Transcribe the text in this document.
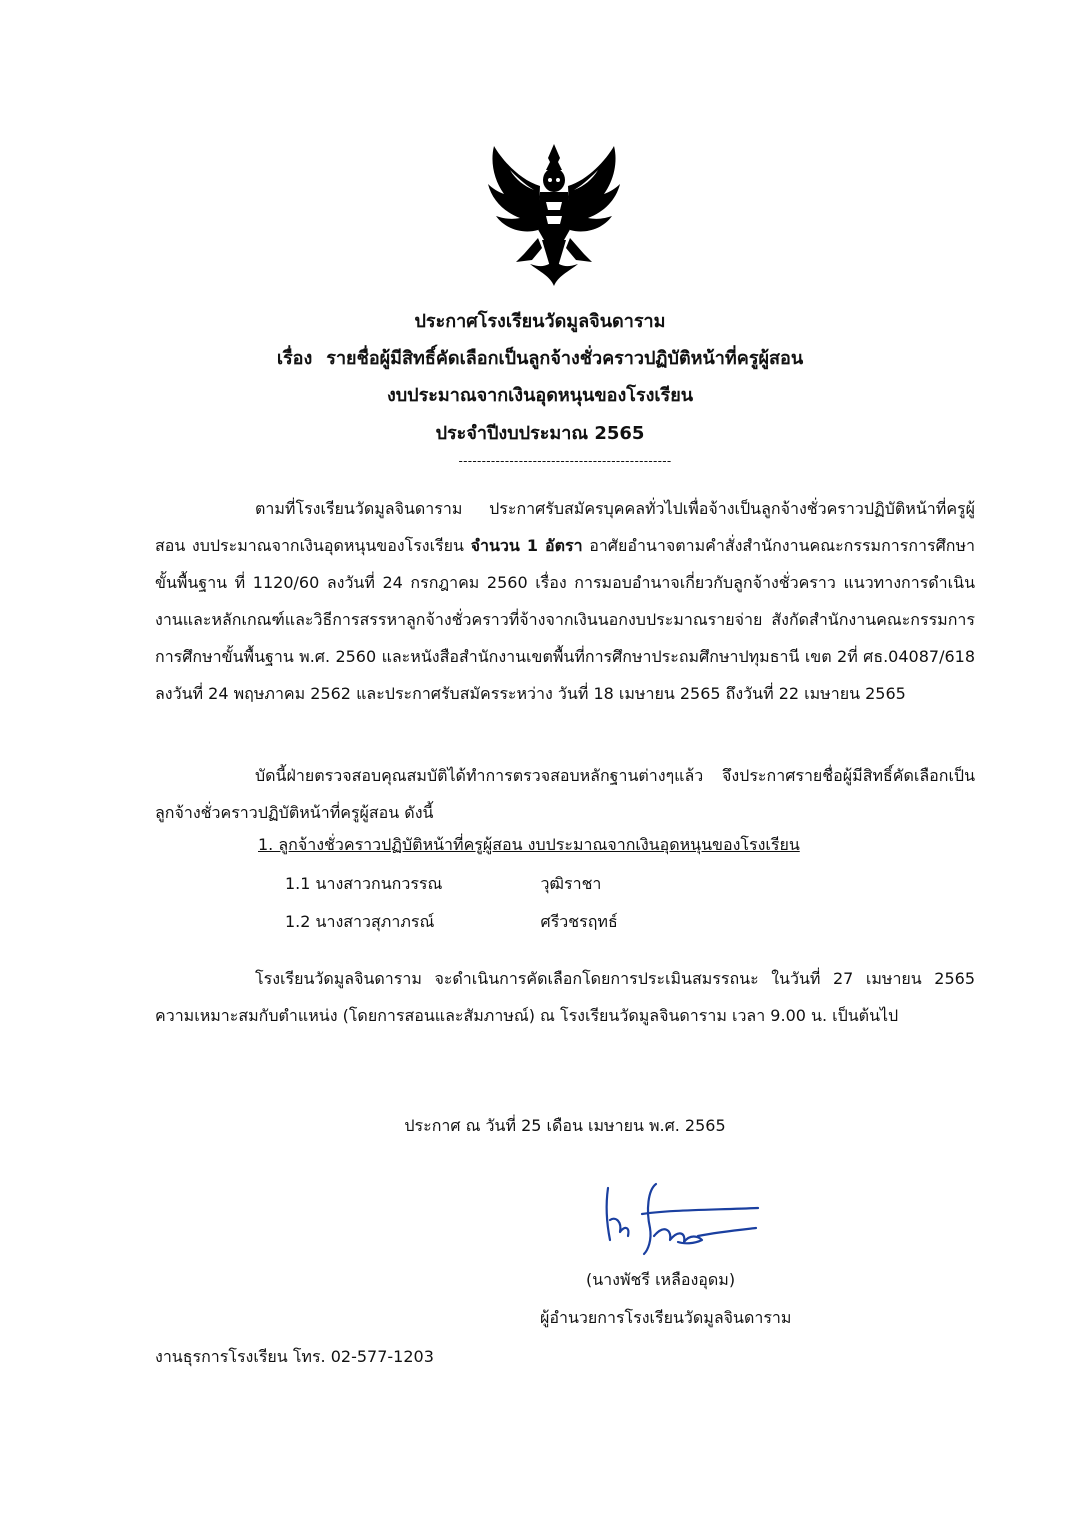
ประกาศโรงเรียนวัดมูลจินดาราม
เรื่อง รายชื่อผู้มีสิทธิ์คัดเลือกเป็นลูกจ้างชั่วคราวปฏิบัติหน้าที่ครูผู้สอน
งบประมาณจากเงินอุดหนุนของโรงเรียน
ประจำปีงบประมาณ 2565
----------------------------------------------

ตามที่โรงเรียนวัดมูลจินดาราม ประกาศรับสมัครบุคคลทั่วไปเพื่อจ้างเป็นลูกจ้างชั่วคราวปฏิบัติหน้าที่ครูผู้สอน งบประมาณจากเงินอุดหนุนของโรงเรียน จำนวน 1 อัตรา อาศัยอำนาจตามคำสั่งสำนักงานคณะกรรมการการศึกษาขั้นพื้นฐาน ที่ 1120/60 ลงวันที่ 24 กรกฎาคม 2560 เรื่อง การมอบอำนาจเกี่ยวกับลูกจ้างชั่วคราว แนวทางการดำเนินงานและหลักเกณฑ์และวิธีการสรรหาลูกจ้างชั่วคราวที่จ้างจากเงินนอกงบประมาณรายจ่าย สังกัดสำนักงานคณะกรรมการการศึกษาขั้นพื้นฐาน พ.ศ. 2560 และหนังสือสำนักงานเขตพื้นที่การศึกษาประถมศึกษาปทุมธานี เขต 2ที่ ศธ.04087/618 ลงวันที่ 24 พฤษภาคม 2562 และประกาศรับสมัครระหว่าง วันที่ 18 เมษายน 2565 ถึงวันที่ 22 เมษายน 2565

บัดนี้ฝ่ายตรวจสอบคุณสมบัติได้ทำการตรวจสอบหลักฐานต่างๆแล้ว จึงประกาศรายชื่อผู้มีสิทธิ์คัดเลือกเป็นลูกจ้างชั่วคราวปฏิบัติหน้าที่ครูผู้สอน ดังนี้

1. ลูกจ้างชั่วคราวปฏิบัติหน้าที่ครูผู้สอน งบประมาณจากเงินอุดหนุนของโรงเรียน
1.1 นางสาวกนกวรรณ	วุฒิราชา
1.2 นางสาวสุภาภรณ์	ศรีวชรฤทธ์

โรงเรียนวัดมูลจินดาราม จะดำเนินการคัดเลือกโดยการประเมินสมรรถนะ ในวันที่ 27 เมษายน 2565 ความเหมาะสมกับตำแหน่ง (โดยการสอนและสัมภาษณ์) ณ โรงเรียนวัดมูลจินดาราม เวลา 9.00 น. เป็นต้นไป

ประกาศ ณ วันที่ 25 เดือน เมษายน พ.ศ. 2565
(นางพัชรี เหลืองอุดม)
ผู้อำนวยการโรงเรียนวัดมูลจินดาราม
งานธุรการโรงเรียน โทร. 02-577-1203
